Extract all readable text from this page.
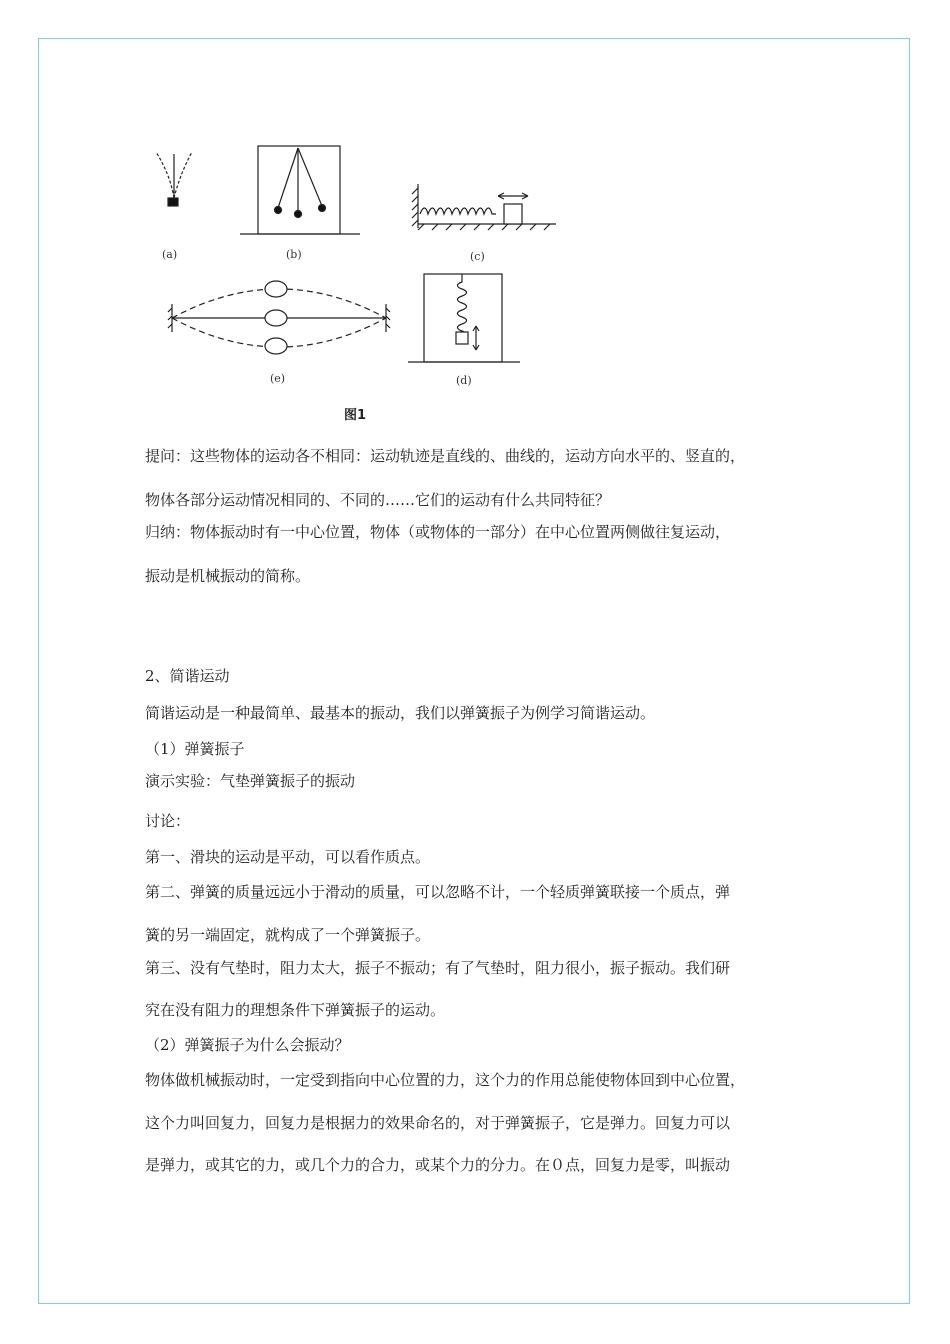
(a)	(b)	(c)
(e)	(d)
图1
提问：这些物体的运动各不相同：运动轨迹是直线的、曲线的，运动方向水平的、竖直的，
物体各部分运动情况相同的、不同的……它们的运动有什么共同特征？
归纳：物体振动时有一中心位置，物体（或物体的一部分）在中心位置两侧做往复运动，
振动是机械振动的简称。
2、简谐运动
简谐运动是一种最简单、最基本的振动，我们以弹簧振子为例学习简谐运动。
（1）弹簧振子
演示实验：气垫弹簧振子的振动
讨论：
第一、滑块的运动是平动，可以看作质点。
第二、弹簧的质量远远小于滑动的质量，可以忽略不计，一个轻质弹簧联接一个质点，弹
簧的另一端固定，就构成了一个弹簧振子。
第三、没有气垫时，阻力太大，振子不振动；有了气垫时，阻力很小，振子振动。我们研
究在没有阻力的理想条件下弹簧振子的运动。
（2）弹簧振子为什么会振动？
物体做机械振动时，一定受到指向中心位置的力，这个力的作用总能使物体回到中心位置，
这个力叫回复力，回复力是根据力的效果命名的，对于弹簧振子，它是弹力。回复力可以
是弹力，或其它的力，或几个力的合力，或某个力的分力。在０点，回复力是零，叫振动
